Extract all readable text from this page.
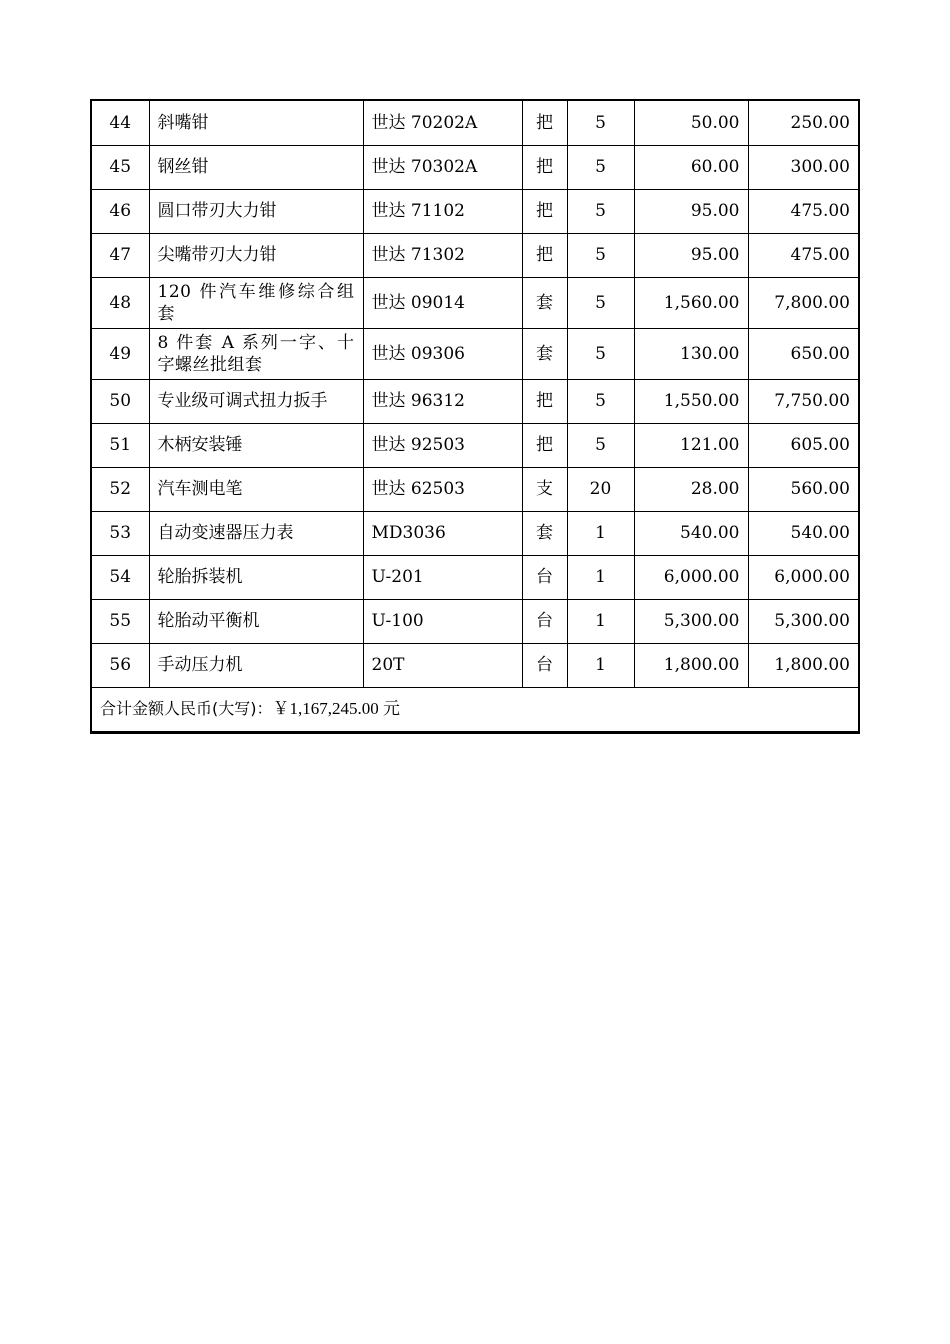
44	斜嘴钳	世达 70202A	把	5	50.00	250.00
45	钢丝钳	世达 70302A	把	5	60.00	300.00
46	圆口带刃大力钳	世达 71102	把	5	95.00	475.00
47	尖嘴带刃大力钳	世达 71302	把	5	95.00	475.00
48	120 件汽车维修综合组套	世达 09014	套	5	1,560.00	7,800.00
49	8 件套 A 系列一字、十字螺丝批组套	世达 09306	套	5	130.00	650.00
50	专业级可调式扭力扳手	世达 96312	把	5	1,550.00	7,750.00
51	木柄安装锤	世达 92503	把	5	121.00	605.00
52	汽车测电笔	世达 62503	支	20	28.00	560.00
53	自动变速器压力表	MD3036	套	1	540.00	540.00
54	轮胎拆装机	U-201	台	1	6,000.00	6,000.00
55	轮胎动平衡机	U-100	台	1	5,300.00	5,300.00
56	手动压力机	20T	台	1	1,800.00	1,800.00
合计金额人民币(大写)：￥1,167,245.00 元						
